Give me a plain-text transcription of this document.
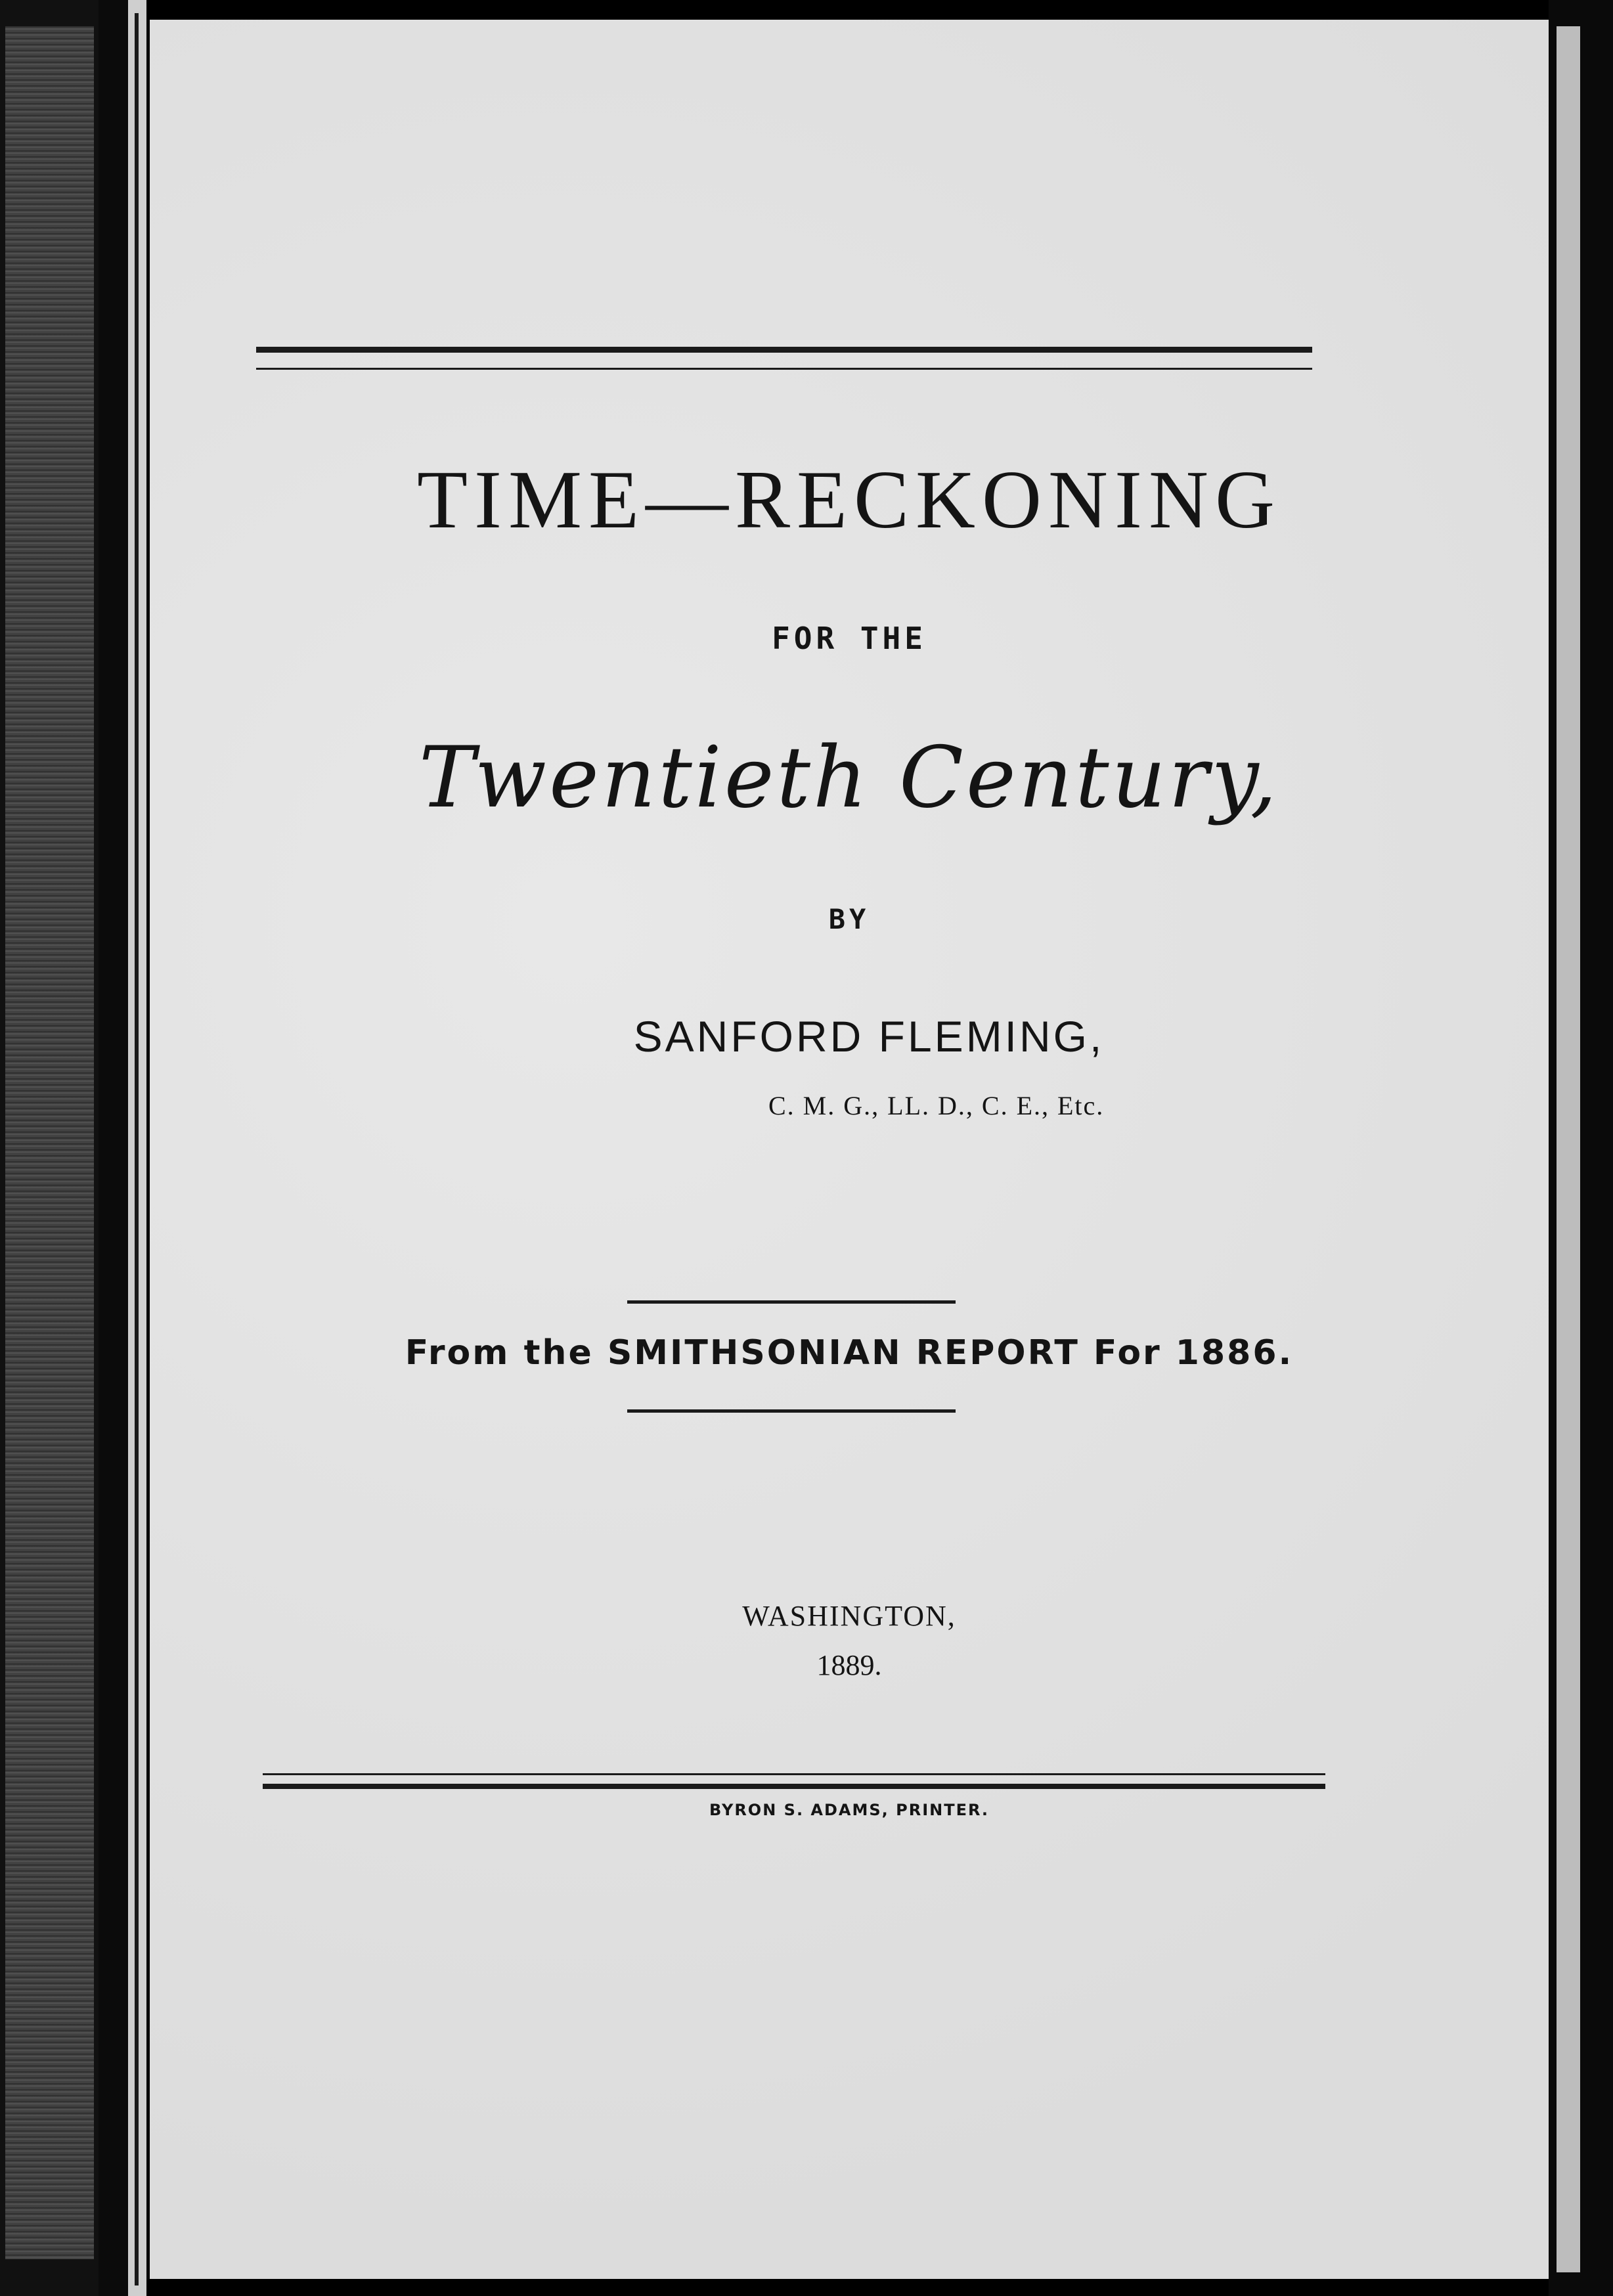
TIME—RECKONING
FOR THE
Twentieth Century,
BY
SANFORD FLEMING,
C. M. G., LL. D., C. E., Etc.
From the SMITHSONIAN REPORT For 1886.
WASHINGTON,
1889.
BYRON S. ADAMS, PRINTER.
